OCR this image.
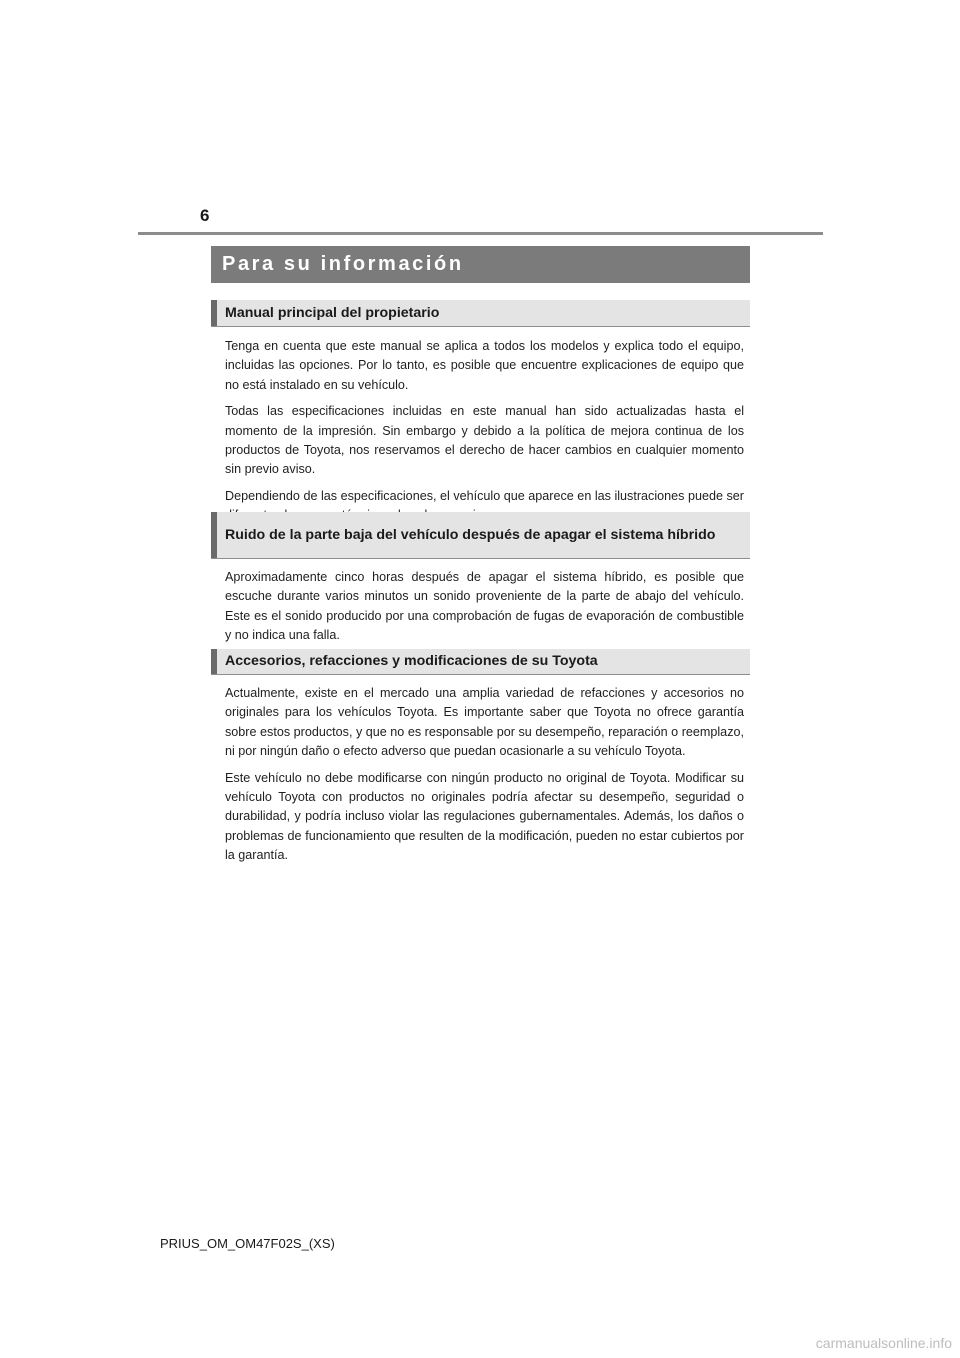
6
Para su información
Manual principal del propietario

Tenga en cuenta que este manual se aplica a todos los modelos y explica todo el equipo, incluidas las opciones. Por lo tanto, es posible que encuentre explicaciones de equipo que no está instalado en su vehículo.

Todas las especificaciones incluidas en este manual han sido actualizadas hasta el momento de la impresión. Sin embargo y debido a la política de mejora continua de los productos de Toyota, nos reservamos el derecho de hacer cambios en cualquier momento sin previo aviso.

Dependiendo de las especificaciones, el vehículo que aparece en las ilustraciones puede ser

Ruido de la parte baja del vehículo después de apagar el sistema híbrido

Aproximadamente cinco horas después de apagar el sistema híbrido, es posible que escuche durante varios minutos un sonido proveniente de la parte de abajo del vehículo. Este es el sonido producido por una comprobación de fugas de evaporación de combustible y no indica una falla.

Accesorios, refacciones y modificaciones de su Toyota

Actualmente, existe en el mercado una amplia variedad de refacciones y accesorios no originales para los vehículos Toyota. Es importante saber que Toyota no ofrece garantía sobre estos productos, y que no es responsable por su desempeño, reparación o reemplazo, ni por ningún daño o efecto adverso que puedan ocasionarle a su vehículo Toyota.

Este vehículo no debe modificarse con ningún producto no original de Toyota. Modificar su vehículo Toyota con productos no originales podría afectar su desempeño, seguridad o durabilidad, y podría incluso violar las regulaciones gubernamentales. Además, los daños o problemas de funcionamiento que resulten de la modificación, pueden no estar cubiertos por la garantía.

PRIUS_OM_OM47F02S_(XS)
carmanualsonline.info
